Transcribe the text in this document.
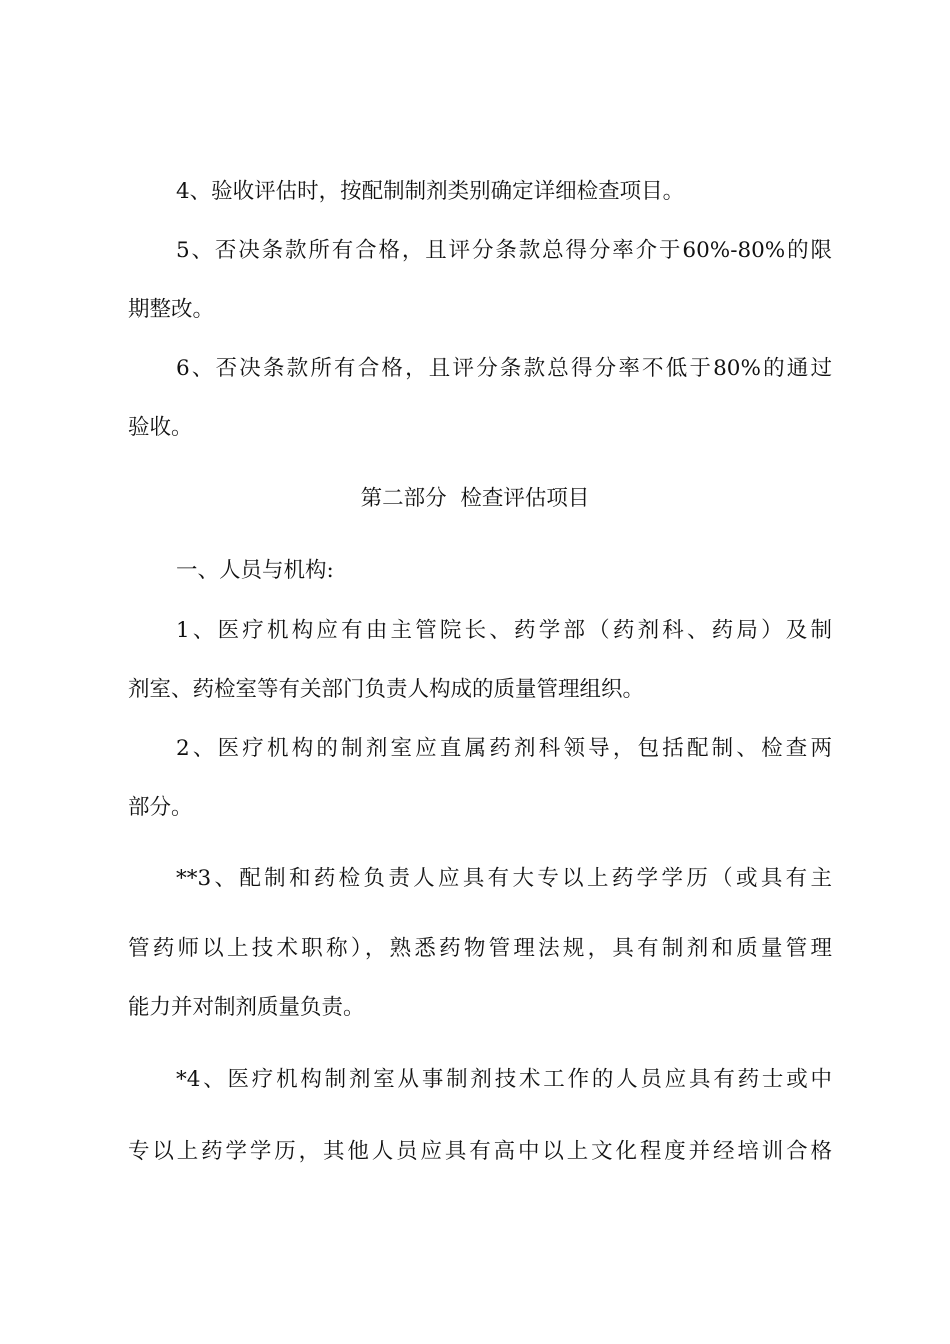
4、验收评估时，按配制制剂类别确定详细检查项目。
5、否决条款所有合格，且评分条款总得分率介于60%-80%的限
期整改。
6、否决条款所有合格，且评分条款总得分率不低于80%的通过
验收。
第二部分  检查评估项目
一、人员与机构:
1、医疗机构应有由主管院长、药学部（药剂科、药局）及制
剂室、药检室等有关部门负责人构成的质量管理组织。
2、医疗机构的制剂室应直属药剂科领导，包括配制、检查两
部分。
**3、配制和药检负责人应具有大专以上药学学历（或具有主
管药师以上技术职称），熟悉药物管理法规，具有制剂和质量管理
能力并对制剂质量负责。
*4、医疗机构制剂室从事制剂技术工作的人员应具有药士或中
专以上药学学历，其他人员应具有高中以上文化程度并经培训合格
